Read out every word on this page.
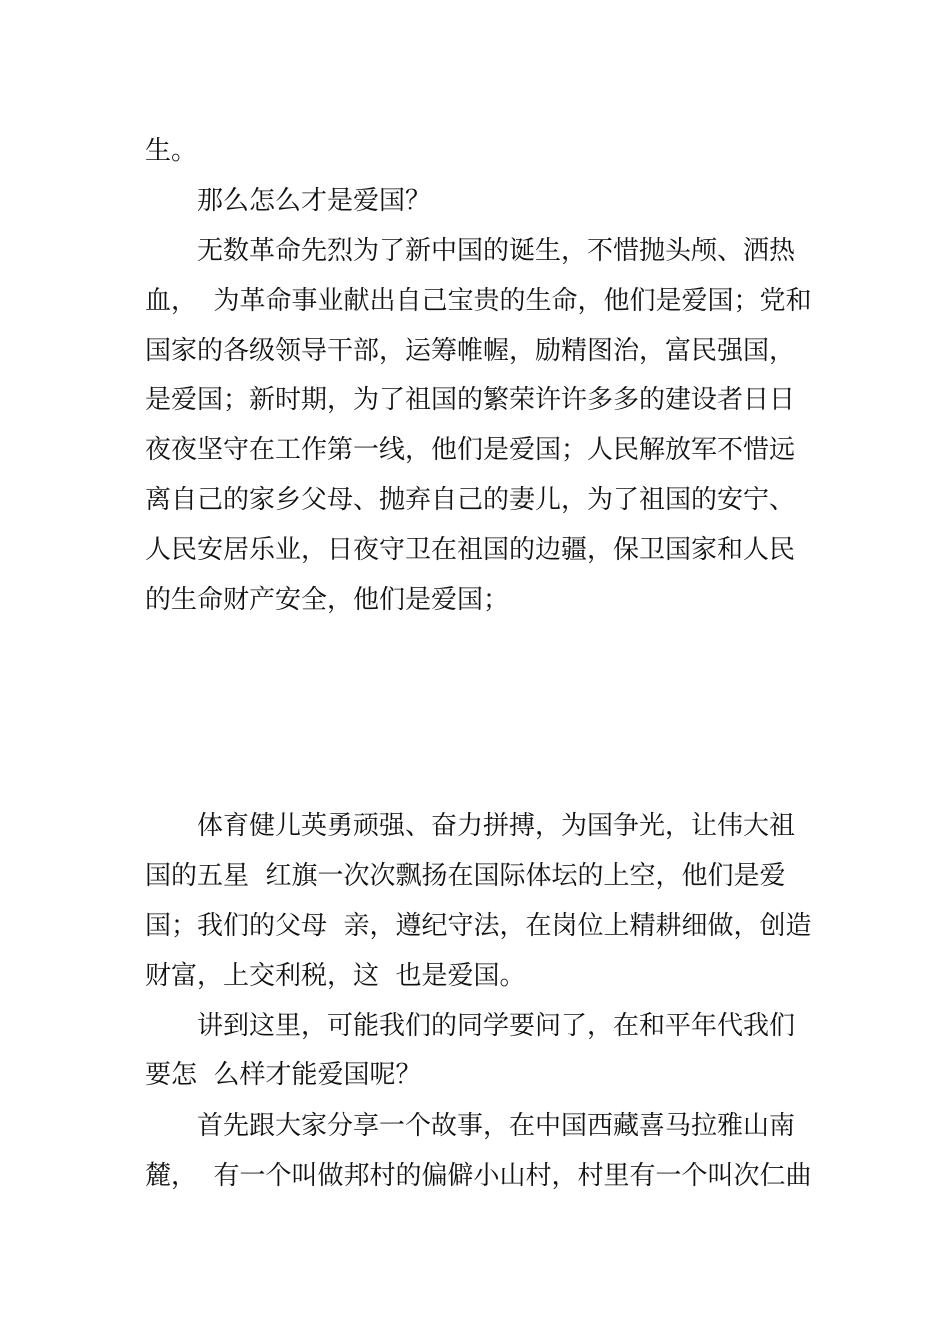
生。

那么怎么才是爱国？

无数革命先烈为了新中国的诞生，不惜抛头颅、洒热

血，  为革命事业献出自己宝贵的生命，他们是爱国；党和

国家的各级领导干部，运筹帷幄，励精图治，富民强国，

是爱国；新时期，为了祖国的繁荣许许多多的建设者日日

夜夜坚守在工作第一线，他们是爱国；人民解放军不惜远

离自己的家乡父母、抛弃自己的妻儿，为了祖国的安宁、

人民安居乐业，日夜守卫在祖国的边疆，保卫国家和人民

的生命财产安全，他们是爱国；

体育健儿英勇顽强、奋力拼搏，为国争光，让伟大祖

国的五星  红旗一次次飘扬在国际体坛的上空，他们是爱

国；我们的父母  亲，遵纪守法，在岗位上精耕细做，创造

财富，上交利税，这  也是爱国。

讲到这里，可能我们的同学要问了，在和平年代我们

要怎  么样才能爱国呢？

首先跟大家分享一个故事，在中国西藏喜马拉雅山南

麓，  有一个叫做邦村的偏僻小山村，村里有一个叫次仁曲
